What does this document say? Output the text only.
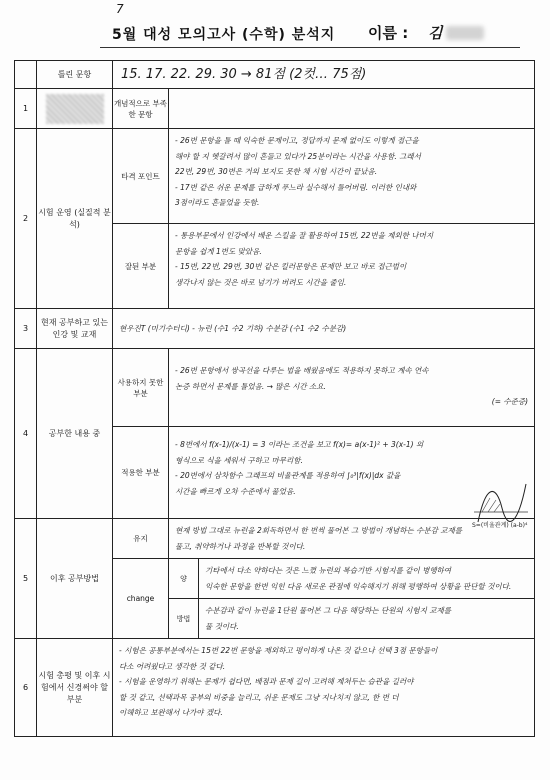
7
5월 대성 모의고사 (수학) 분석지 이름 : 김
	틀린 문항	15. 17. 22. 29. 30 → 81점 (2컷… 75점)		
1		개념적으로 부족한 문항		
2	시험 운영 (실질적 분석)	타격 포인트	- 26번 문항을 틀 때 익숙한 문제이고, 정답까지 문제 없이도 이렇게 접근을
해야 할 지 헷갈려서 많이 흔들고 있다가 25분이라는 시간을 사용함. 그래서
22번, 29번, 30번은 거의 보지도 못한 채 시험 시간이 끝났음.
- 17번 같은 쉬운 문제를 급하게 푸느라 실수해서 틀어버림. 이러한 인내와
3점이라도 흔들었을 듯함.	

		잘된 부분	- 통용부문에서 인강에서 배운 스킬을 잘 활용하여 15번, 22번을 제외한 나머지
문항을 쉽게 1번도 맞았음.
- 15번, 22번, 29번, 30번 같은 킬러문항은 문제만 보고 바로 접근법이
생각나지 않는 것은 바로 넘기가 버려도 시간을 줄임.	

3	현재 공부하고 있는 인강 및 교재	현우진T (미기수터디) - 뉴런 (수1 수2 기하) 수분감 (수1 수2 수분감)		
4	공부한 내용 중	사용하지 못한 부분	- 26번 문항에서 쌍곡선을 다루는 법을 배웠음에도 적용하지 못하고 계속 연속
논증 하면서 문제를 틀었음. → 많은 시간 소요.
(= 수준증)	

		적용한 부분	- 8번에서 f(x-1)/(x-1) = 3 이라는 조건을 보고 f(x)= a(x-1)² + 3(x-1) 의
형식으로 식을 세워서 구하고 마무리함.
- 20번에서 삼차함수 그래프의 비율관계를 적용하여 ∫₀³|f(x)|dx 값을
시간을 빠르게 오차 수준에서 풀었음.	

5	이후 공부방법	유지	현재 방법 그대로 뉴런을 2회독하면서 한 번씩 풀어본 그 방법이 개념하는 수분감 교재를
풀고, 취약하거나 과정을 반복할 것이다.	

		change	양	기타에서 다소 약하다는 것은 느꼈 뉴런의 복습기반 시험지를 같이 병행하여
익숙한 문항을 한번 익힌 다음 새로운 관점에 익숙해지기 위해 평행하여 상황을 판단할 것이다.

			방법	수분감과 같이 뉴런을 1단원 풀어본 그 다음 해당하는 단원의 시험지 교재를
풀 것이다.

6	시험 총평 및 이후 시험에서 신경써야 할 부분	- 시험은 공통부분에서는 15번 22번 문항을 제외하고 평이하게 나온 것 같으나 선택 3점 문항들이
다소 어려웠다고 생각한 것 같다.
- 시험을 운영하기 위해는 문제가 쉽다면, 배점과 문제 길이 고려해 제쳐두는 습관을 길러야
할 것 같고, 선택과목 공부의 비중을 늘리고, 쉬운 문제도 그냥 지나치지 않고, 한 번 더
이해하고 보완해서 나가야 겠다.		
S=(비율관계) (a-b)⁴
